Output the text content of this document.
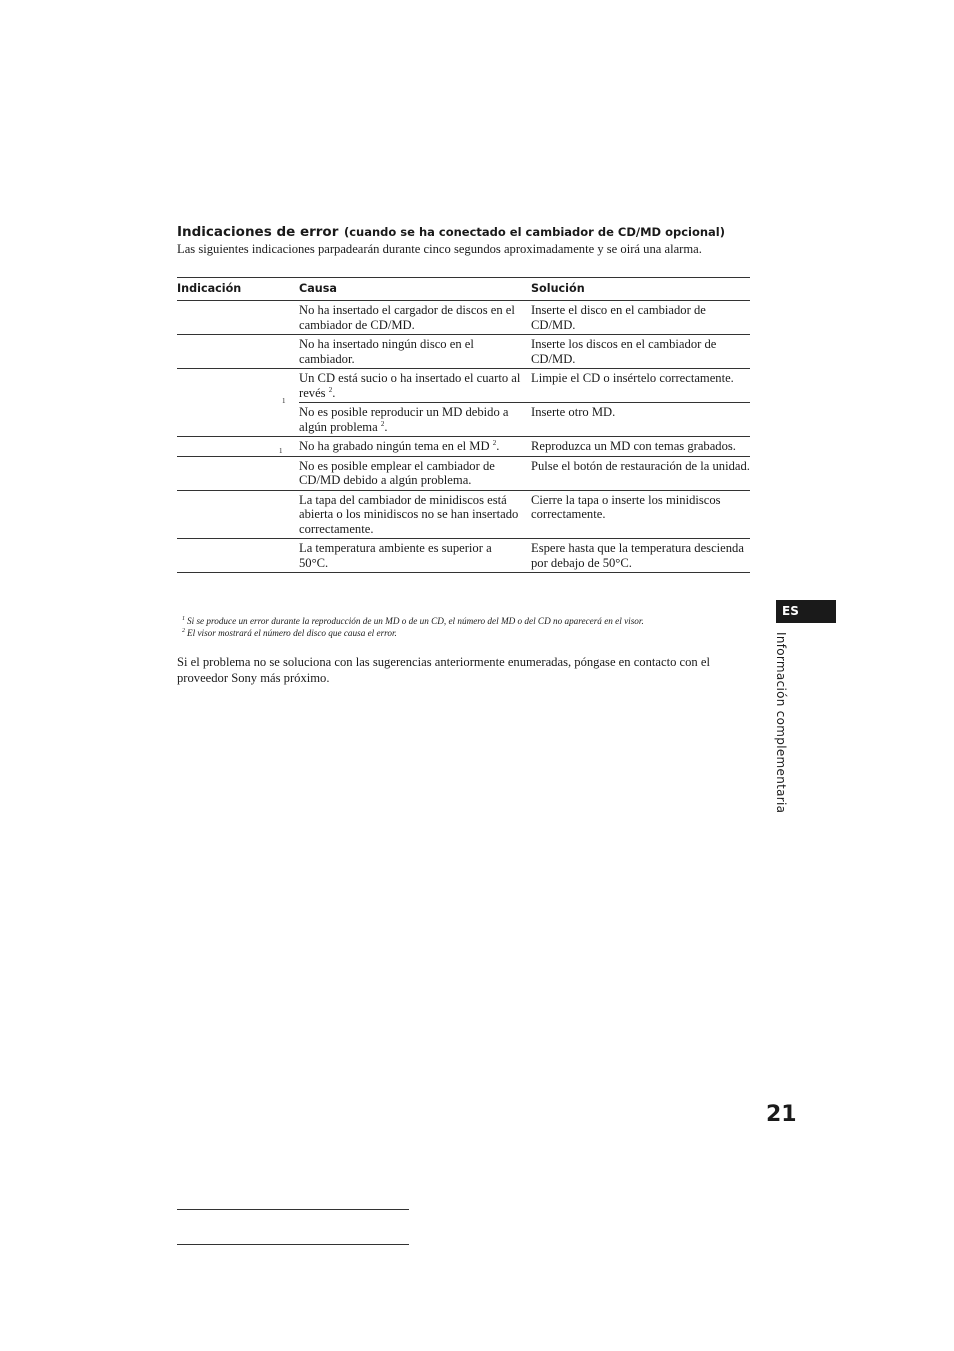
Indicaciones de error (cuando se ha conectado el cambiador de CD/MD opcional)
Las siguientes indicaciones parpadearán durante cinco segundos aproximadamente y se oirá una alarma.
Indicación	Causa	Solución
	No ha insertado el cargador de discos en el cambiador de CD/MD.	Inserte el disco en el cambiador de CD/MD.
	No ha insertado ningún disco en el cambiador.	Inserte los discos en el cambiador de CD/MD.

1	Un CD está sucio o ha insertado el cuarto al revés $^2$.	Limpie el CD o insértelo correctamente.
	No es posible reproducir un MD debido a algún problema $^2$.	Inserte otro MD.

1	No ha grabado ningún tema en el MD $^2$.	Reproduzca un MD con temas grabados.
	No es posible emplear el cambiador de CD/MD debido a algún problema.	Pulse el botón de restauración de la unidad.
	La tapa del cambiador de minidiscos está abierta o los minidiscos no se han insertado correctamente.	Cierre la tapa o inserte los minidiscos correctamente.
	La temperatura ambiente es superior a 50°C.	Espere hasta que la temperatura descienda por debajo de 50°C.
$^1$ Si se produce un error durante la reproducción de un MD o de un CD, el número del MD o del CD no aparecerá en el visor.
$^2$ El visor mostrará el número del disco que causa el error.
Si el problema no se soluciona con las sugerencias anteriormente enumeradas, póngase en contacto con el proveedor Sony más próximo.
ES
Información complementaria
21
